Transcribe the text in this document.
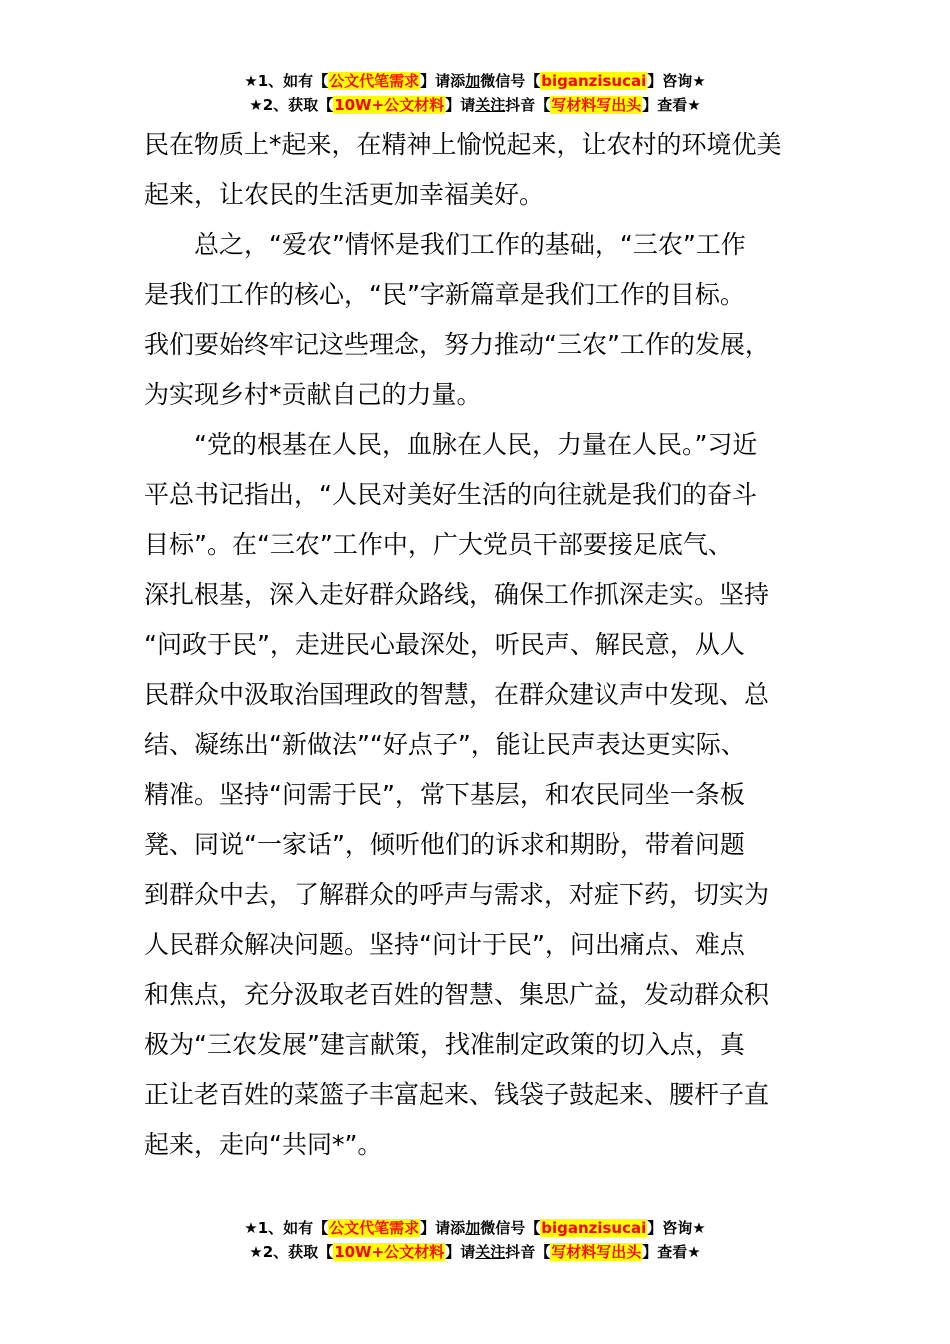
★1、如有【公文代笔需求】请添加微信号【biganzisucai】咨询★
★2、获取【10W+公文材料】请关注抖音【写材料写出头】查看★
民在物质上*起来，在精神上愉悦起来，让农村的环境优美
起来，让农民的生活更加幸福美好。
　　总之，“爱农”情怀是我们工作的基础，“三农”工作
是我们工作的核心，“民”字新篇章是我们工作的目标。
我们要始终牢记这些理念，努力推动“三农”工作的发展，
为实现乡村*贡献自己的力量。
　　“党的根基在人民，血脉在人民，力量在人民。”习近
平总书记指出，“人民对美好生活的向往就是我们的奋斗
目标”。在“三农”工作中，广大党员干部要接足底气、
深扎根基，深入走好群众路线，确保工作抓深走实。坚持
“问政于民”，走进民心最深处，听民声、解民意，从人
民群众中汲取治国理政的智慧，在群众建议声中发现、总
结、凝练出“新做法”“好点子”，能让民声表达更实际、
精准。坚持“问需于民”，常下基层，和农民同坐一条板
凳、同说“一家话”，倾听他们的诉求和期盼，带着问题
到群众中去，了解群众的呼声与需求，对症下药，切实为
人民群众解决问题。坚持“问计于民”，问出痛点、难点
和焦点，充分汲取老百姓的智慧、集思广益，发动群众积
极为“三农发展”建言献策，找准制定政策的切入点，真
正让老百姓的菜篮子丰富起来、钱袋子鼓起来、腰杆子直
起来，走向“共同*”。
★1、如有【公文代笔需求】请添加微信号【biganzisucai】咨询★
★2、获取【10W+公文材料】请关注抖音【写材料写出头】查看★
